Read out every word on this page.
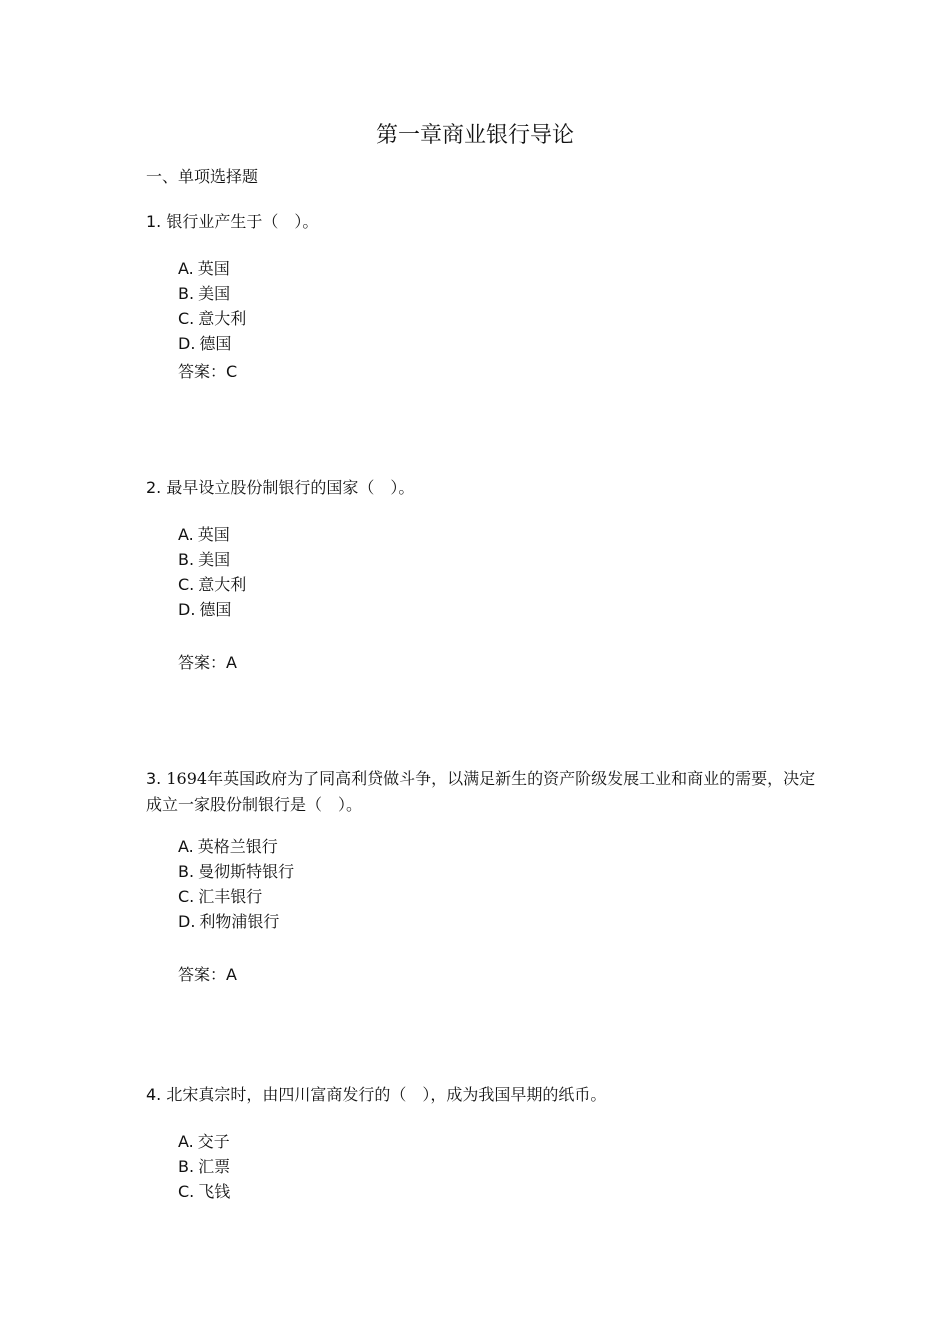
第一章商业银行导论
一、单项选择题

1. 银行业产生于（　）。

A. 英国
B. 美国
C. 意大利
D. 德国
答案：C

2. 最早设立股份制银行的国家（　）。

A. 英国
B. 美国
C. 意大利
D. 德国
答案：A

3. 1694年英国政府为了同高利贷做斗争，以满足新生的资产阶级发展工业和商业的需要，决定成立一家股份制银行是（　）。

A. 英格兰银行
B. 曼彻斯特银行
C. 汇丰银行
D. 利物浦银行
答案：A

4. 北宋真宗时，由四川富商发行的（　），成为我国早期的纸币。

A. 交子
B. 汇票
C. 飞钱
